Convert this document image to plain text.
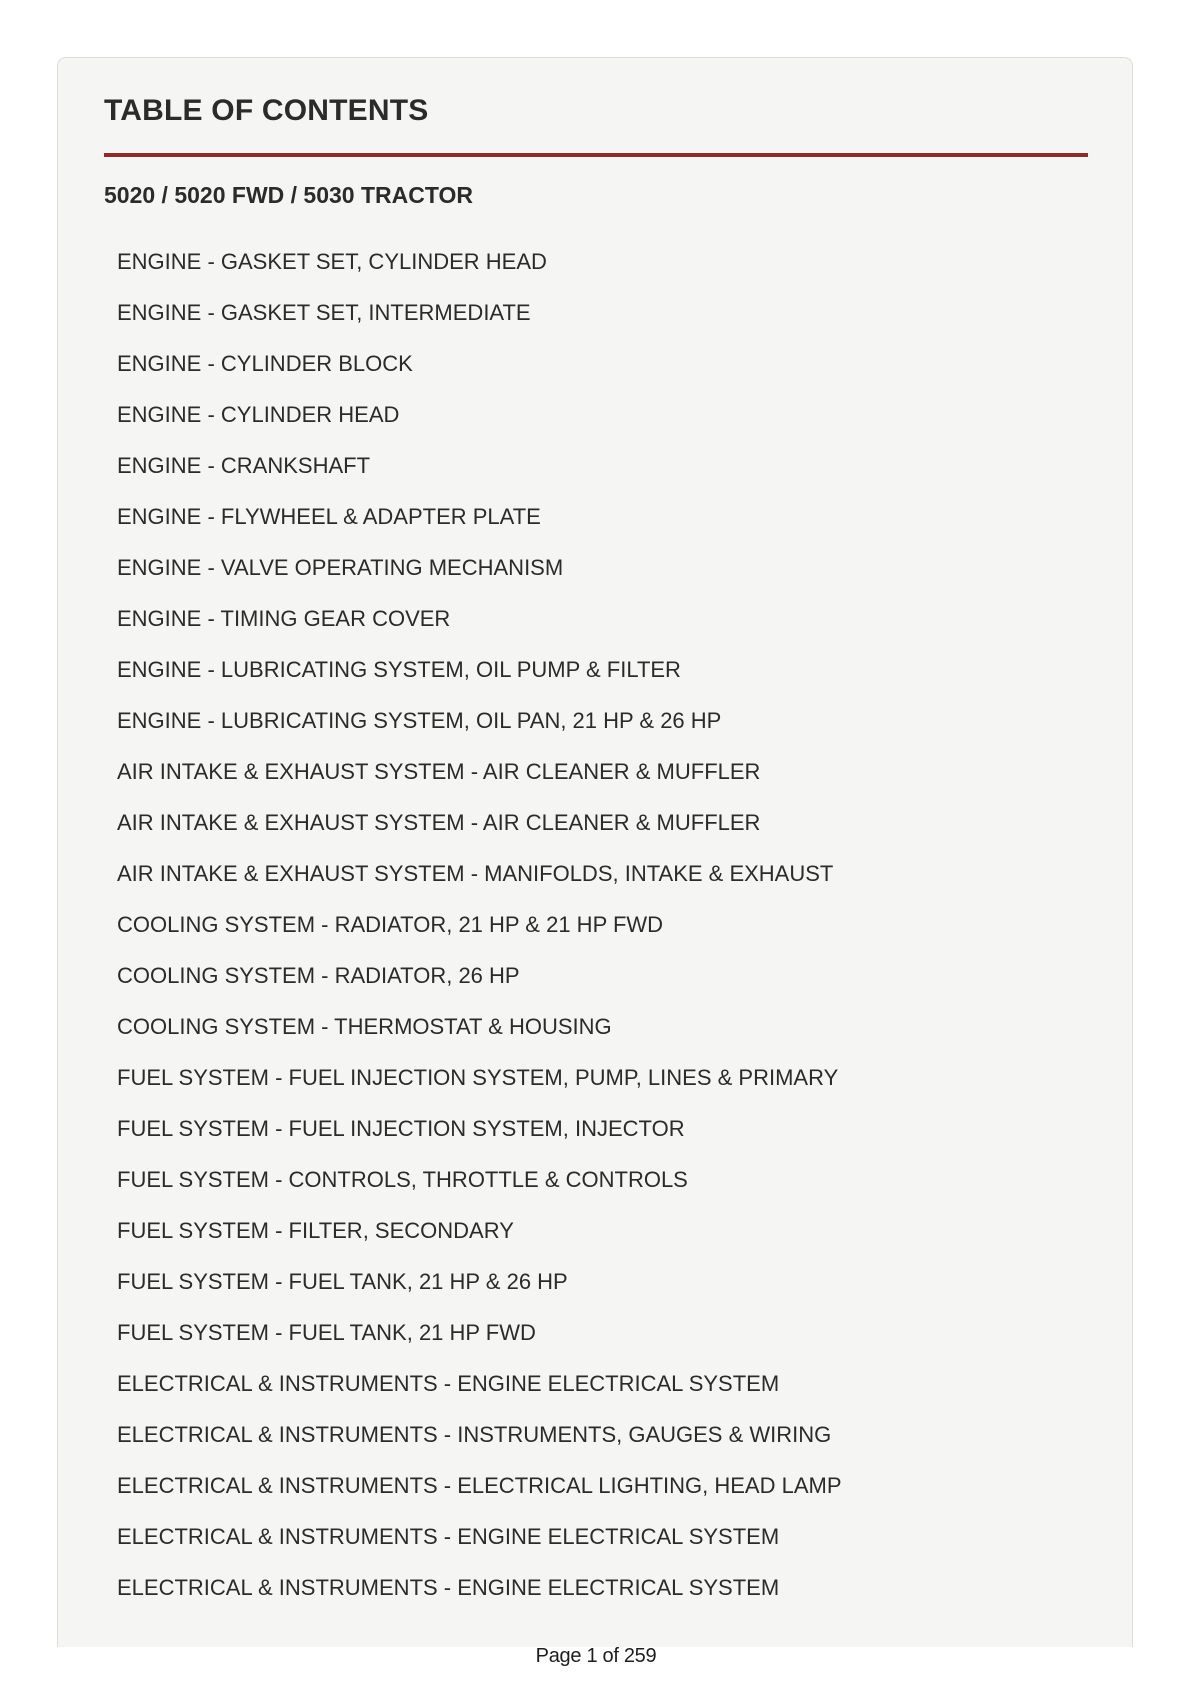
TABLE OF CONTENTS
5020 / 5020 FWD / 5030 TRACTOR
ENGINE - GASKET SET, CYLINDER HEAD
ENGINE - GASKET SET, INTERMEDIATE
ENGINE - CYLINDER BLOCK
ENGINE - CYLINDER HEAD
ENGINE - CRANKSHAFT
ENGINE - FLYWHEEL & ADAPTER PLATE
ENGINE - VALVE OPERATING MECHANISM
ENGINE - TIMING GEAR COVER
ENGINE - LUBRICATING SYSTEM, OIL PUMP & FILTER
ENGINE - LUBRICATING SYSTEM, OIL PAN, 21 HP & 26 HP
AIR INTAKE & EXHAUST SYSTEM - AIR CLEANER & MUFFLER
AIR INTAKE & EXHAUST SYSTEM - AIR CLEANER & MUFFLER
AIR INTAKE & EXHAUST SYSTEM - MANIFOLDS, INTAKE & EXHAUST
COOLING SYSTEM - RADIATOR, 21 HP & 21 HP FWD
COOLING SYSTEM - RADIATOR, 26 HP
COOLING SYSTEM - THERMOSTAT & HOUSING
FUEL SYSTEM - FUEL INJECTION SYSTEM, PUMP, LINES & PRIMARY
FUEL SYSTEM - FUEL INJECTION SYSTEM, INJECTOR
FUEL SYSTEM - CONTROLS, THROTTLE & CONTROLS
FUEL SYSTEM - FILTER, SECONDARY
FUEL SYSTEM - FUEL TANK, 21 HP & 26 HP
FUEL SYSTEM - FUEL TANK, 21 HP FWD
ELECTRICAL & INSTRUMENTS - ENGINE ELECTRICAL SYSTEM
ELECTRICAL & INSTRUMENTS - INSTRUMENTS, GAUGES & WIRING
ELECTRICAL & INSTRUMENTS - ELECTRICAL LIGHTING, HEAD LAMP
ELECTRICAL & INSTRUMENTS - ENGINE ELECTRICAL SYSTEM
ELECTRICAL & INSTRUMENTS - ENGINE ELECTRICAL SYSTEM
Page 1 of 259
